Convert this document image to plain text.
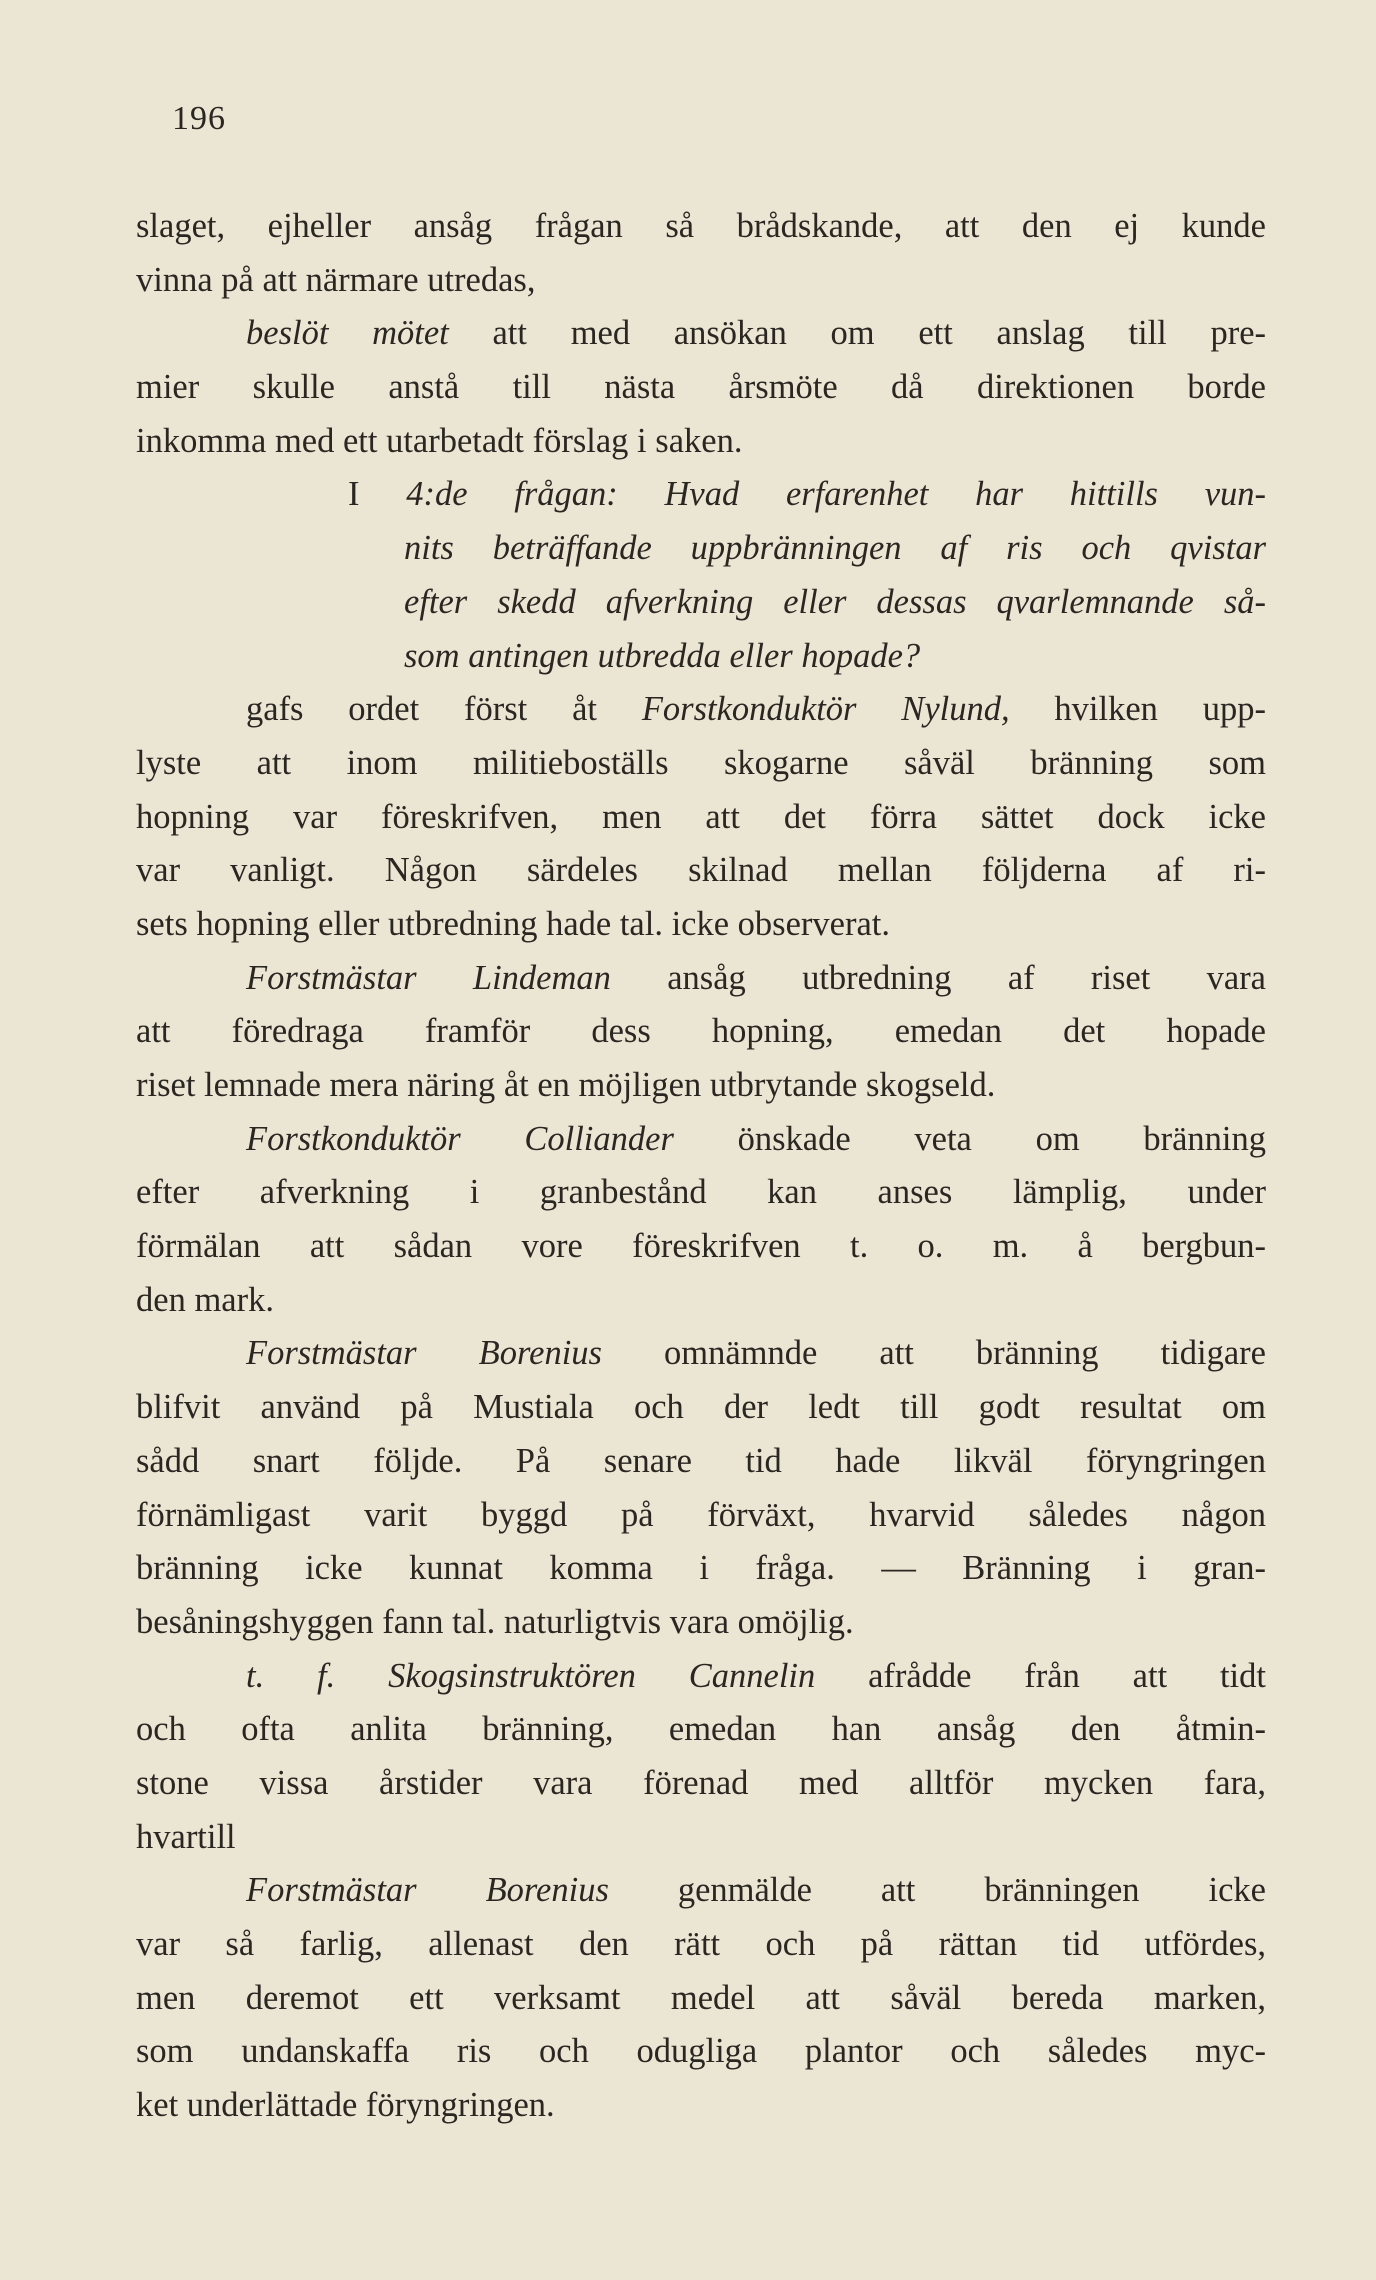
196
slaget, ejheller ansåg frågan så brådskande, att den ej kunde
vinna på att närmare utredas,
beslöt mötet att med ansökan om ett anslag till pre-
mier skulle anstå till nästa årsmöte då direktionen borde
inkomma med ett utarbetadt förslag i saken.
I 4:de frågan: Hvad erfarenhet har hittills vun-
nits beträffande uppbränningen af ris och qvistar
efter skedd afverkning eller dessas qvarlemnande så-
som antingen utbredda eller hopade?
gafs ordet först åt Forstkonduktör Nylund, hvilken upp-
lyste att inom militieboställs skogarne såväl bränning som
hopning var föreskrifven, men att det förra sättet dock icke
var vanligt. Någon särdeles skilnad mellan följderna af ri-
sets hopning eller utbredning hade tal. icke observerat.
Forstmästar Lindeman ansåg utbredning af riset vara
att föredraga framför dess hopning, emedan det hopade
riset lemnade mera näring åt en möjligen utbrytande skogseld.
Forstkonduktör Colliander önskade veta om bränning
efter afverkning i granbestånd kan anses lämplig, under
förmälan att sådan vore föreskrifven t. o. m. å bergbun-
den mark.
Forstmästar Borenius omnämnde att bränning tidigare
blifvit använd på Mustiala och der ledt till godt resultat om
sådd snart följde. På senare tid hade likväl föryngringen
förnämligast varit byggd på förväxt, hvarvid således någon
bränning icke kunnat komma i fråga. — Bränning i gran-
besåningshyggen fann tal. naturligtvis vara omöjlig.
t. f. Skogsinstruktören Cannelin afrådde från att tidt
och ofta anlita bränning, emedan han ansåg den åtmin-
stone vissa årstider vara förenad med alltför mycken fara,
hvartill
Forstmästar Borenius genmälde att bränningen icke
var så farlig, allenast den rätt och på rättan tid utfördes,
men deremot ett verksamt medel att såväl bereda marken,
som undanskaffa ris och odugliga plantor och således myc-
ket underlättade föryngringen.
